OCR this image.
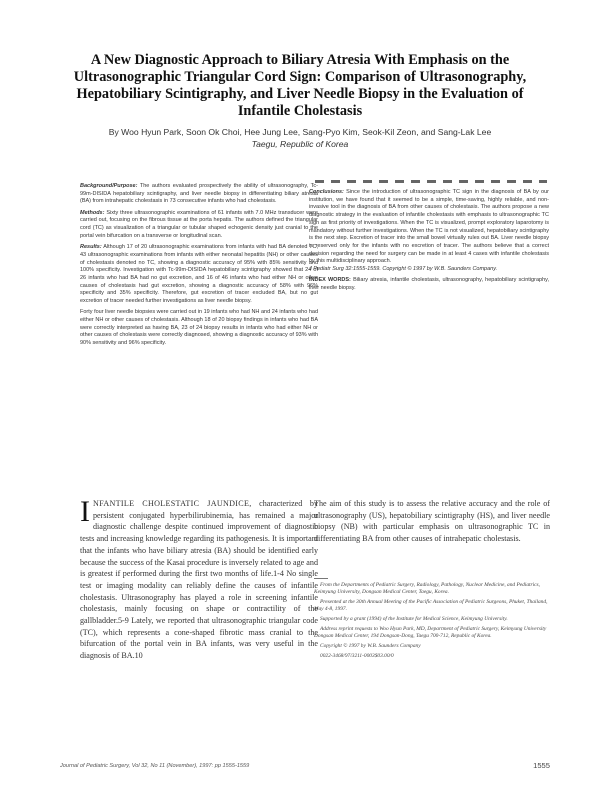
A New Diagnostic Approach to Biliary Atresia With Emphasis on the Ultrasonographic Triangular Cord Sign: Comparison of Ultrasonography, Hepatobiliary Scintigraphy, and Liver Needle Biopsy in the Evaluation of Infantile Cholestasis
By Woo Hyun Park, Soon Ok Choi, Hee Jung Lee, Sang-Pyo Kim, Seok-Kil Zeon, and Sang-Lak Lee
Taegu, Republic of Korea

Background/Purpose: The authors evaluated prospectively the ability of ultrasonography, Tc-99m-DISIDA hepatobiliary scintigraphy, and liver needle biopsy in differentiating biliary atresia (BA) from intrahepatic cholestasis in 73 consecutive infants who had cholestasis.

Methods: Sixty three ultrasonographic examinations of 61 infants with 7.0 MHz transducer were carried out, focusing on the fibrous tissue at the porta hepatis. The authors defined the triangular cord (TC) as visualization of a triangular or tubular shaped echogenic density just cranial to the portal vein bifurcation on a transverse or longitudinal scan.

Results: Although 17 of 20 ultrasonographic examinations from infants with had BA denoted TC, 43 ultrasonographic examinations from infants with either neonatal hepatitis (NH) or other causes of cholestasis denoted no TC, showing a diagnostic accuracy of 95% with 85% sensitivity and 100% specificity. Investigation with Tc-99m-DISIDA hepatobiliary scintigraphy showed that 24 of 26 infants who had BA had no gut excretion, and 16 of 46 infants who had either NH or other causes of cholestasis had gut excretion, showing a diagnostic accuracy of 58% with 96% specificity and 35% specificity. Therefore, gut excretion of tracer excluded BA, but no gut excretion of tracer needed further investigations as liver needle biopsy.

Forty four liver needle biopsies were carried out in 19 infants who had NH and 24 infants who had either NH or other causes of cholestasis. Although 18 of 20 biopsy findings in infants who had BA were correctly interpreted as having BA, 23 of 24 biopsy results in infants who had either NH or other causes of cholestasis were correctly diagnosed, showing a diagnostic accuracy of 93% with 90% sensitivity and 96% specificity.

Conclusions: Since the introduction of ultrasonographic TC sign in the diagnosis of BA by our institution, we have found that it seemed to be a simple, time-saving, highly reliable, and non-invasive tool in the diagnosis of BA from other causes of cholestasis. The authors propose a new diagnostic strategy in the evaluation of infantile cholestasis with emphasis to ultrasonographic TC sign as first priority of investigations. When the TC is visualized, prompt exploratory laparotomy is mandatory without further investigations. When the TC is not visualized, hepatobiliary scintigraphy is the next step. Excretion of tracer into the small bowel virtually rules out BA. Liver needle biopsy is reserved only for the infants with no excretion of tracer. The authors believe that a correct decision regarding the need for surgery can be made in at least 4 cases with infantile cholestasis by this multidisciplinary approach.
J Pediatr Surg 32:1555-1559. Copyright © 1997 by W.B. Saunders Company.

INDEX WORDS: Biliary atresia, infantile cholestasis, ultrasonography, hepatobiliary scintigraphy, liver needle biopsy.

INFANTILE CHOLESTATIC JAUNDICE, characterized by persistent conjugated hyperbilirubinemia, has remained a major diagnostic challenge despite continued improvement of diagnostic tests and increasing knowledge regarding its pathogenesis. It is important that the infants who have biliary atresia (BA) should be identified early because the success of the Kasai procedure is inversely related to age and is greatest if performed during the first two months of life.1-4 No single test or imaging modality can reliably define the causes of infantile cholestasis. Ultrasonography has played a role in screening infantile cholestasis, mainly focusing on shape or contractility of the gallbladder.5-9 Lately, we reported that ultrasonographic triangular code (TC), which represents a cone-shaped fibrotic mass cranial to the bifurcation of the portal vein in BA infants, was very useful in the diagnosis of BA.10
The aim of this study is to assess the relative accuracy and the role of ultrasonography (US), hepatobiliary scintigraphy (HS), and liver needle biopsy (NB) with particular emphasis on ultrasonographic TC in differentiating BA from other causes of intrahepatic cholestasis.

From the Departments of Pediatric Surgery, Radiology, Pathology, Nuclear Medicine, and Pediatrics, Keimyung University, Dongsan Medical Center, Taegu, Korea.

Presented at the 30th Annual Meeting of the Pacific Association of Pediatric Surgeons, Phuket, Thailand, May 4-8, 1997.

Supported by a grant (1994) of the Institute for Medical Science, Keimyung University.

Address reprint requests to Woo Hyun Park, MD, Department of Pediatric Surgery, Keimyung University Dongsan Medical Center, 194 Dongsan-Dong, Taegu 700-712, Republic of Korea.

Copyright © 1997 by W.B. Saunders Company

0022-3468/97/3211-0003$03.00/0

Journal of Pediatric Surgery, Vol 32, No 11 (November), 1997: pp 1555-1559	1555
